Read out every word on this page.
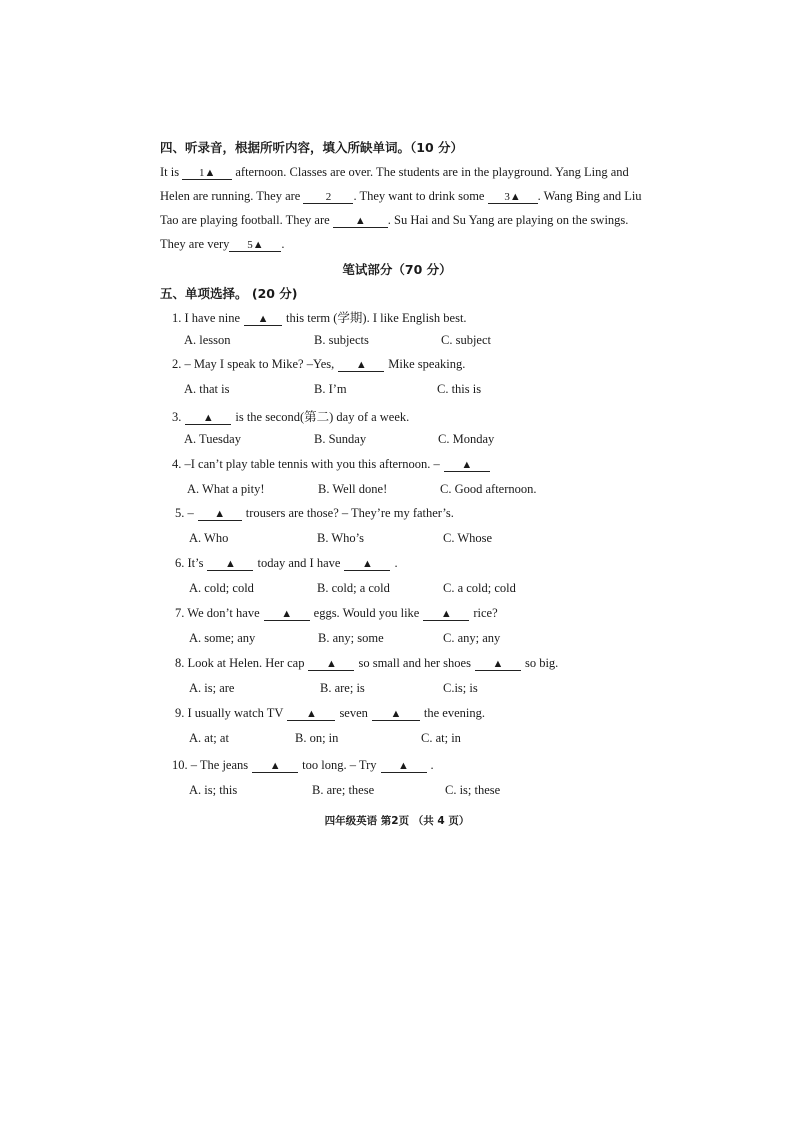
四、听录音，根据所听内容，填入所缺单词。（10 分）
It is 1▲ afternoon. Classes are over. The students are in the playground. Yang Ling and
Helen are running. They are 2 . They want to drink some 3▲ . Wang Bing and Liu
Tao are playing football. They are ▲ . Su Hai and Su Yang are playing on the swings.
They are very 5▲ .
笔试部分（70 分）
五、单项选择。 (20 分)
1. I have nine ▲ this term (学期). I like English best.
A. lesson	B. subjects	C. subject
2. – May I speak to Mike? –Yes, ▲ Mike speaking.
A. that is	B. I’m	C. this is
3. ▲ is the second(第二) day of a week.
A. Tuesday	B. Sunday	C. Monday
4. –I can’t play table tennis with you this afternoon. – ▲
A. What a pity!	B. Well done!	C. Good afternoon.
5. – ▲ trousers are those? – They’re my father’s.
A. Who	B. Who’s	C. Whose
6. It’s ▲ today and I have ▲ .
A. cold; cold	B. cold; a cold	C. a cold; cold
7. We don’t have ▲ eggs. Would you like ▲ rice?
A. some; any	B. any; some	C. any; any
8. Look at Helen. Her cap ▲ so small and her shoes ▲ so big.
A. is; are	B. are; is	C.is; is
9. I usually watch TV ▲ seven ▲ the evening.
A. at; at	B. on; in	C. at; in
10. – The jeans ▲ too long. – Try ▲ .
A. is; this	B. are; these	C. is; these
四年级英语 第2页 （共 4 页）
